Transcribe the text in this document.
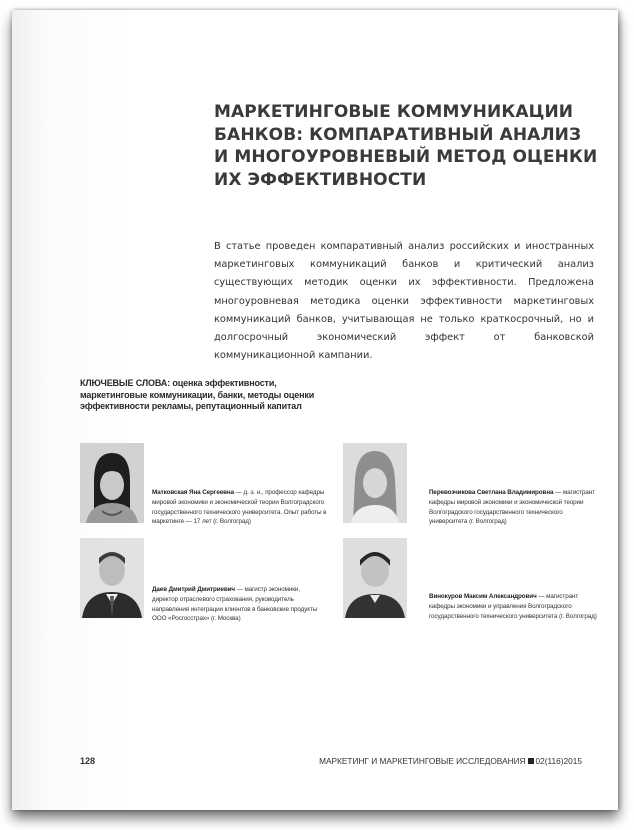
МАРКЕТИНГОВЫЕ КОММУНИКАЦИИ
БАНКОВ: КОМПАРАТИВНЫЙ АНАЛИЗ
И МНОГОУРОВНЕВЫЙ МЕТОД ОЦЕНКИ
ИХ ЭФФЕКТИВНОСТИ
В статье проведен компаративный анализ российских и иностранных маркетинговых коммуникаций банков и критический анализ существующих методик оценки их эффективности. Предложена многоуровневая методика оценки эффективности маркетинговых коммуникаций банков, учитывающая не только краткосрочный, но и долгосрочный экономический эффект от банковской коммуникационной кампании.
КЛЮЧЕВЫЕ СЛОВА: оценка эффективности, маркетинговые коммуникации, банки, методы оценки эффективности рекламы, репутационный капитал
Матковская Яна Сергеевна — д. э. н., профессор кафедры мировой экономики и экономической теории Волгоградского государственного технического университета. Опыт работы в маркетинге — 17 лет (г. Волгоград)
Перевозчикова Светлана Владимировна — магистрант кафедры мировой экономики и экономической теории Волгоградского государственного технического университета (г. Волгоград)
Даев Дмитрий Дмитриевич — магистр экономики, директор отраслевого страхования, руководитель направления интеграции клиентов в банковские продукты ООО «Росгосстрах» (г. Москва)
Винокуров Максим Александрович — магистрант кафедры экономики и управления Волгоградского государственного технического университета (г. Волгоград)
128	МАРКЕТИНГ И МАРКЕТИНГОВЫЕ ИССЛЕДОВАНИЯ 02(116)2015
